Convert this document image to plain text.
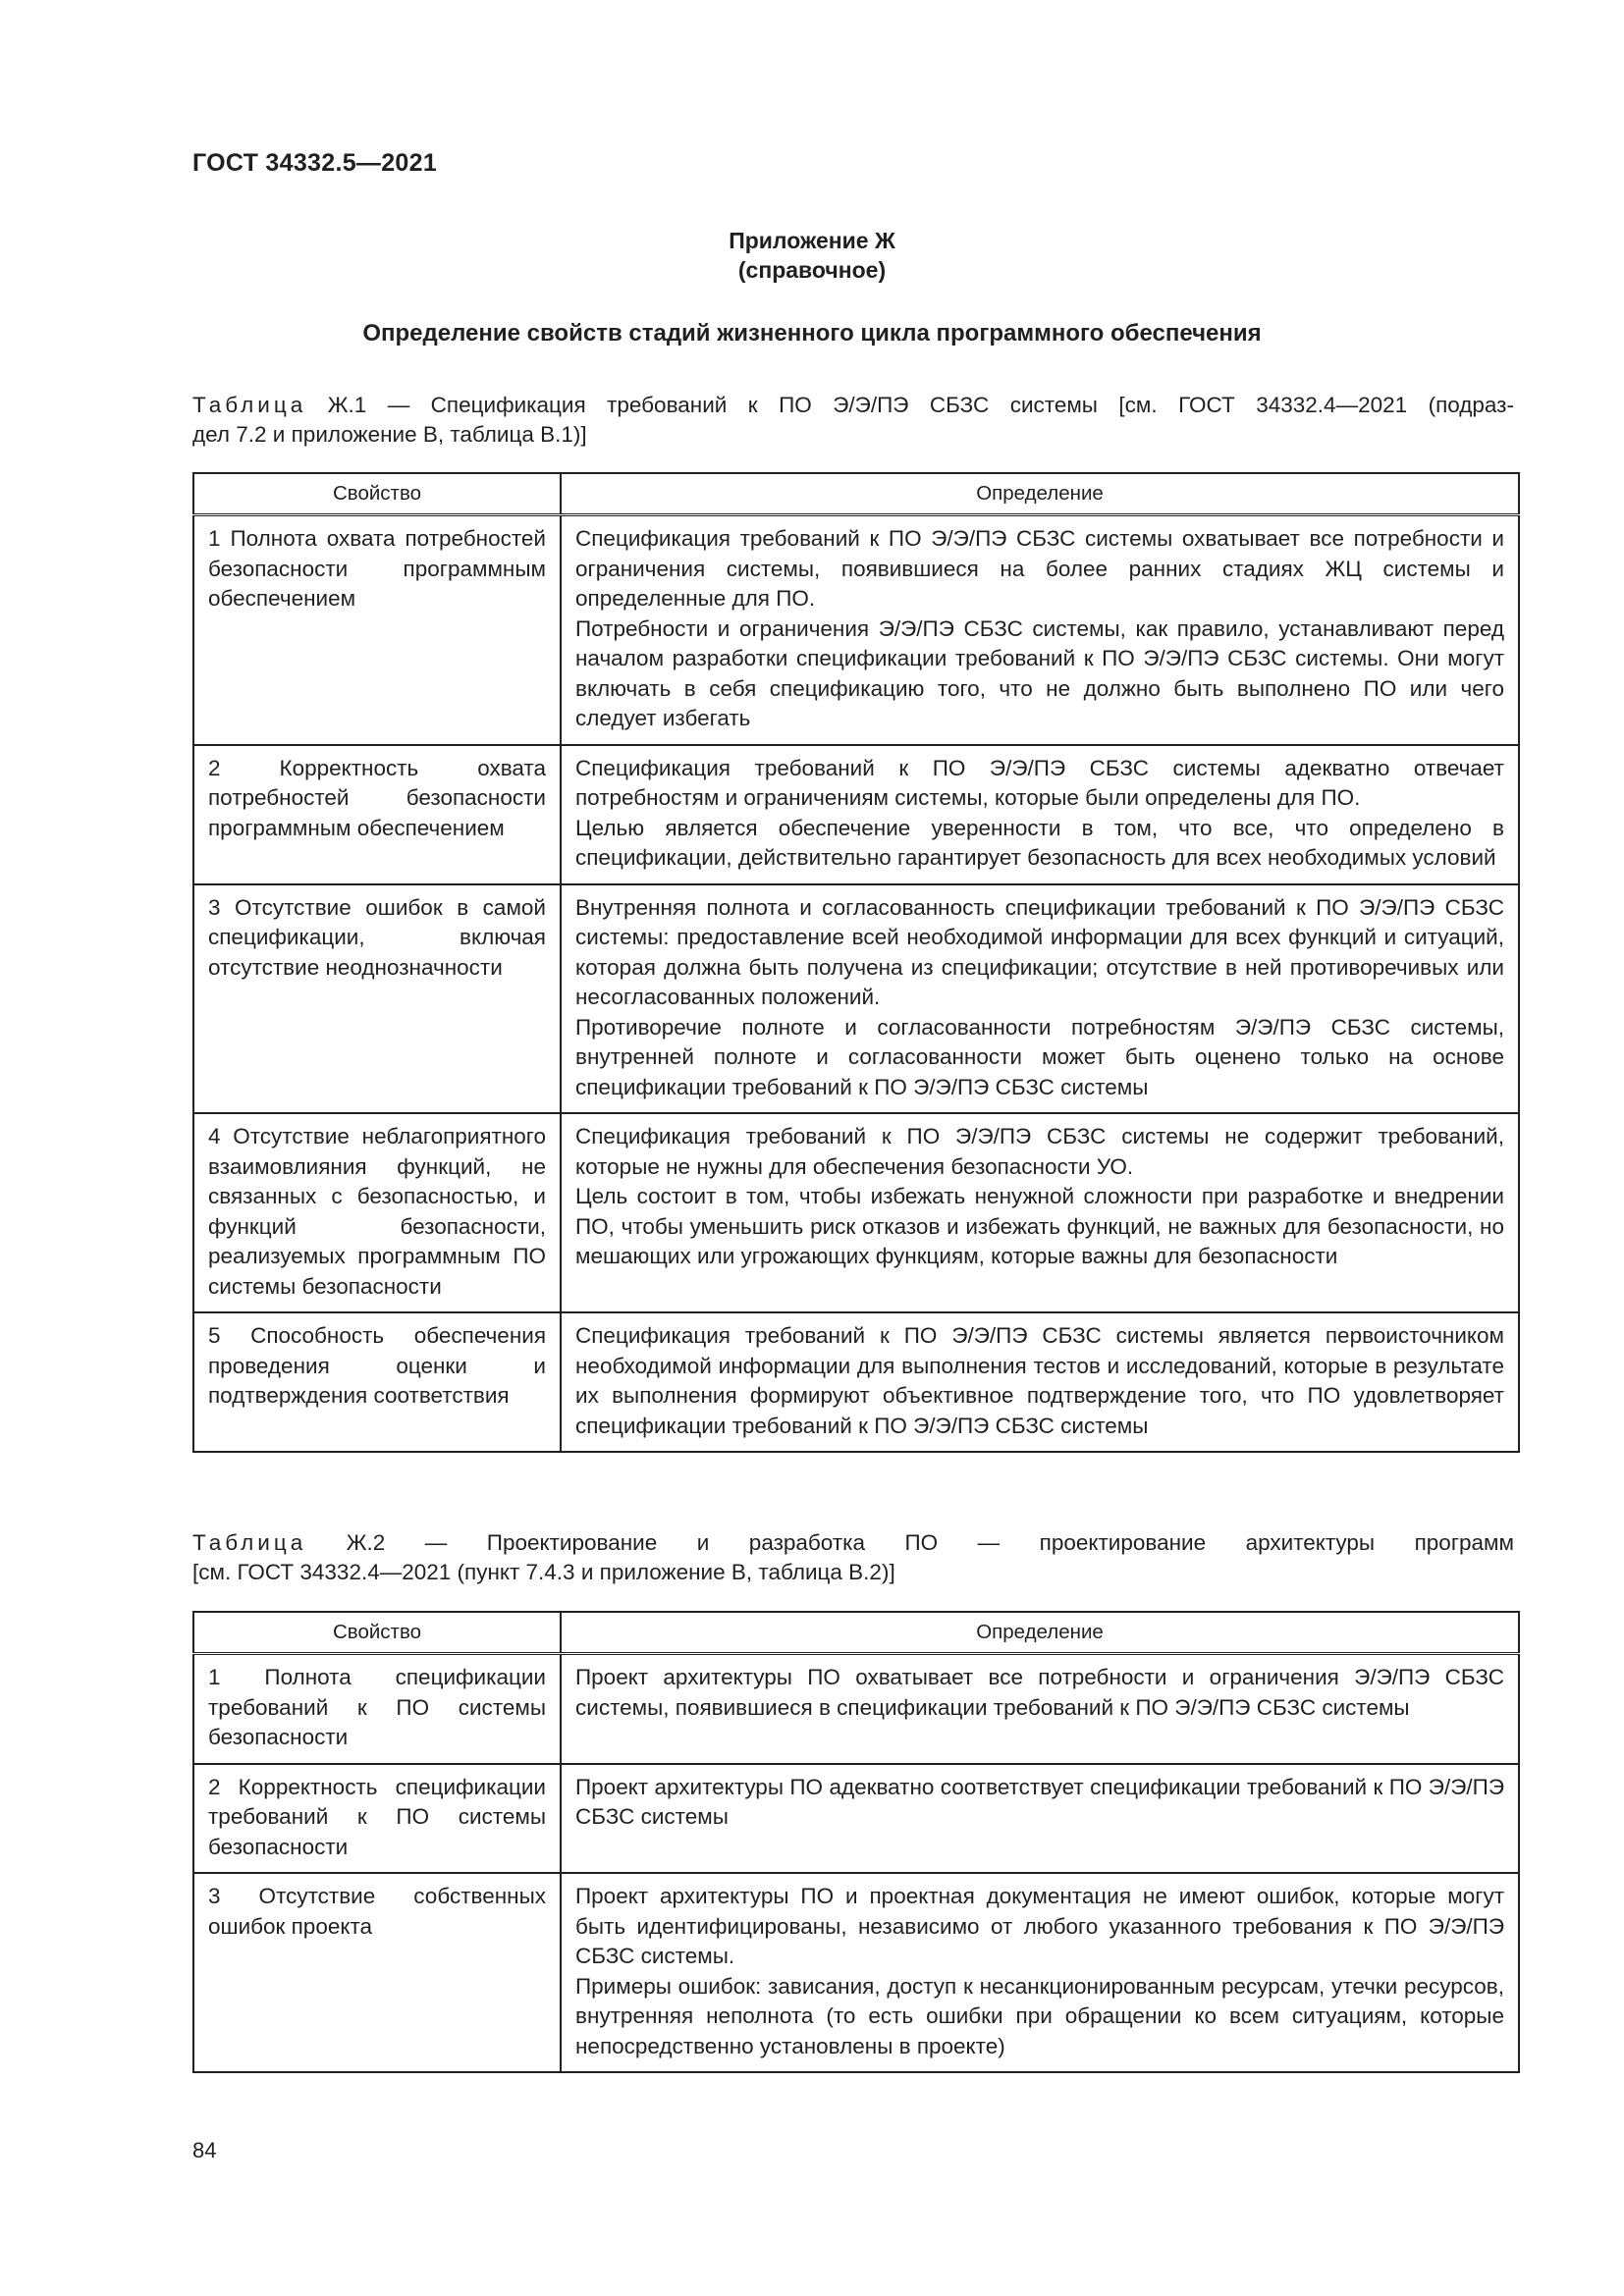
ГОСТ 34332.5—2021
Приложение Ж
(справочное)
Определение свойств стадий жизненного цикла программного обеспечения
Таблица Ж.1 — Спецификация требований к ПО Э/Э/ПЭ СБЗС системы [см. ГОСТ 34332.4—2021 (подраз-
дел 7.2 и приложение В, таблица В.1)]
Свойство	Определение
1 Полнота охвата потребностей безопасности программным обеспечением	Спецификация требований к ПО Э/Э/ПЭ СБЗС системы охватывает все потребности и ограничения системы, появившиеся на более ранних стадиях ЖЦ системы и определенные для ПО.

Потребности и ограничения Э/Э/ПЭ СБЗС системы, как правило, устанавливают перед началом разработки спецификации требований к ПО Э/Э/ПЭ СБЗС системы. Они могут включать в себя спецификацию того, что не должно быть выполнено ПО или чего следует избегать

2 Корректность охвата потребностей безопасности программным обеспечением	Спецификация требований к ПО Э/Э/ПЭ СБЗС системы адекватно отвечает потребностям и ограничениям системы, которые были определены для ПО.

Целью является обеспечение уверенности в том, что все, что определено в спецификации, действительно гарантирует безопасность для всех необходимых условий

3 Отсутствие ошибок в самой спецификации, включая отсутствие неоднозначности	Внутренняя полнота и согласованность спецификации требований к ПО Э/Э/ПЭ СБЗС системы: предоставление всей необходимой информации для всех функций и ситуаций, которая должна быть получена из спецификации; отсутствие в ней противоречивых или несогласованных положений.

Противоречие полноте и согласованности потребностям Э/Э/ПЭ СБЗС системы, внутренней полноте и согласованности может быть оценено только на основе спецификации требований к ПО Э/Э/ПЭ СБЗС системы

4 Отсутствие неблагоприятного взаимовлияния функций, не связанных с безопасностью, и функций безопасности, реализуемых программным ПО системы безопасности	Спецификация требований к ПО Э/Э/ПЭ СБЗС системы не содержит требований, которые не нужны для обеспечения безопасности УО.

Цель состоит в том, чтобы избежать ненужной сложности при разработке и внедрении ПО, чтобы уменьшить риск отказов и избежать функций, не важных для безопасности, но мешающих или угрожающих функциям, которые важны для безопасности

5 Способность обеспечения проведения оценки и подтверждения соответствия	Спецификация требований к ПО Э/Э/ПЭ СБЗС системы является первоисточником необходимой информации для выполнения тестов и исследований, которые в результате их выполнения формируют объективное подтверждение того, что ПО удовлетворяет спецификации требований к ПО Э/Э/ПЭ СБЗС системы

Таблица Ж.2 — Проектирование и разработка ПО — проектирование архитектуры программ
[см. ГОСТ 34332.4—2021 (пункт 7.4.3 и приложение В, таблица В.2)]
Свойство	Определение
1 Полнота спецификации требований к ПО системы безопасности	Проект архитектуры ПО охватывает все потребности и ограничения Э/Э/ПЭ СБЗС системы, появившиеся в спецификации требований к ПО Э/Э/ПЭ СБЗС системы

2 Корректность спецификации требований к ПО системы безопасности	Проект архитектуры ПО адекватно соответствует спецификации требований к ПО Э/Э/ПЭ СБЗС системы

3 Отсутствие собственных ошибок проекта	Проект архитектуры ПО и проектная документация не имеют ошибок, которые могут быть идентифицированы, независимо от любого указанного требования к ПО Э/Э/ПЭ СБЗС системы.

Примеры ошибок: зависания, доступ к несанкционированным ресурсам, утечки ресурсов, внутренняя неполнота (то есть ошибки при обращении ко всем ситуациям, которые непосредственно установлены в проекте)

84
